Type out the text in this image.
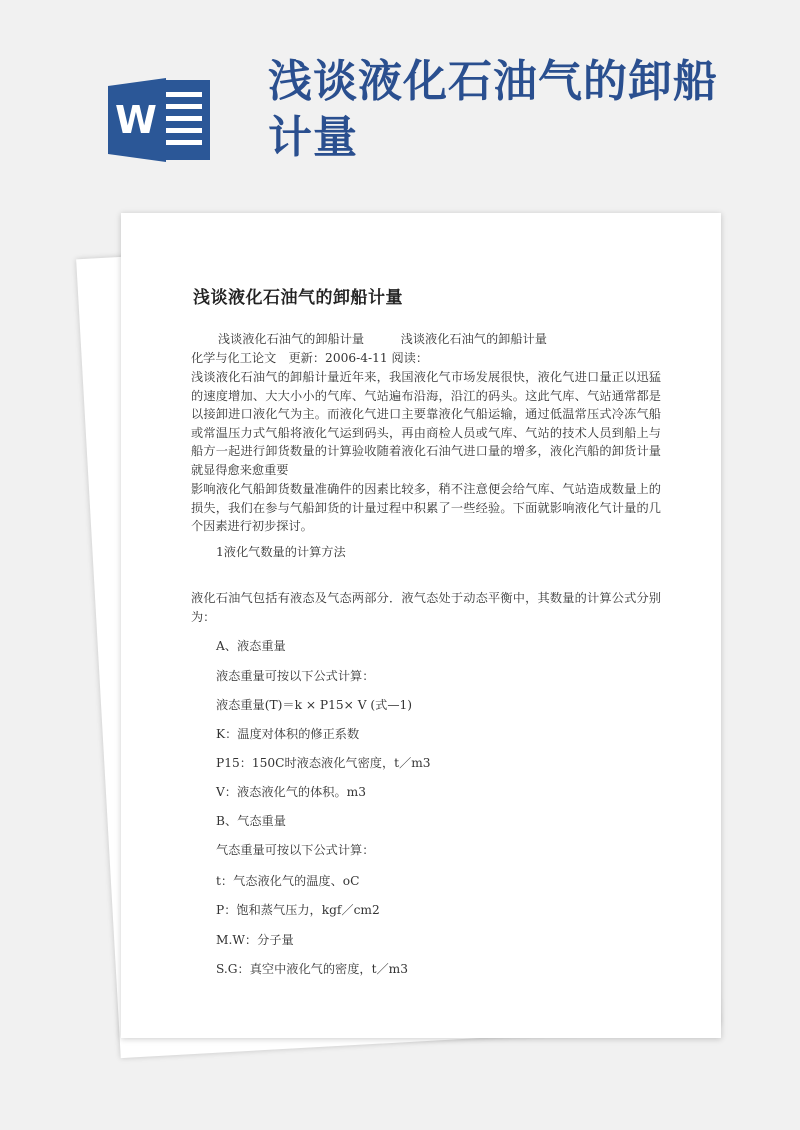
W
浅谈液化石油气的卸船计量
浅谈液化石油气的卸船计量

浅谈液化石油气的卸船计量　　　浅谈液化石油气的卸船计量

化学与化工论文　更新：2006-4-11 阅读：

浅谈液化石油气的卸船计量近年来，我国液化气市场发展很快，液化气进口量正以迅猛的速度增加、大大小小的气库、气站遍布沿海，沿江的码头。这此气库、气站通常都是以接卸进口液化气为主。而液化气进口主要靠液化气船运输，通过低温常压式冷冻气船或常温压力式气船将液化气运到码头，再由商检人员或气库、气站的技术人员到船上与船方一起进行卸货数量的计算验收随着液化石油气进口量的增多，液化汽船的卸货计量就显得愈来愈重要

影响液化气船卸货数量准确件的因素比较多，稍不注意便会给气库、气站造成数量上的损失，我们在参与气船卸货的计量过程中积累了一些经验。下面就影响液化气计量的几个因素进行初步探讨。

1液化气数量的计算方法

液化石油气包括有液态及气态两部分．液气态处于动态平衡中，其数量的计算公式分别为：

A、液态重量

液态重量可按以下公式计算：

液态重量(T)＝k × P15× V (式—1)

K：温度对体积的修正系数

P15：150C时液态液化气密度，t／m3

V：液态液化气的体积。m3

B、气态重量

气态重量可按以下公式计算：

t：气态液化气的温度、oC

P：饱和蒸气压力，kgf／cm2

M.W：分子量

S.G：真空中液化气的密度，t／m3
